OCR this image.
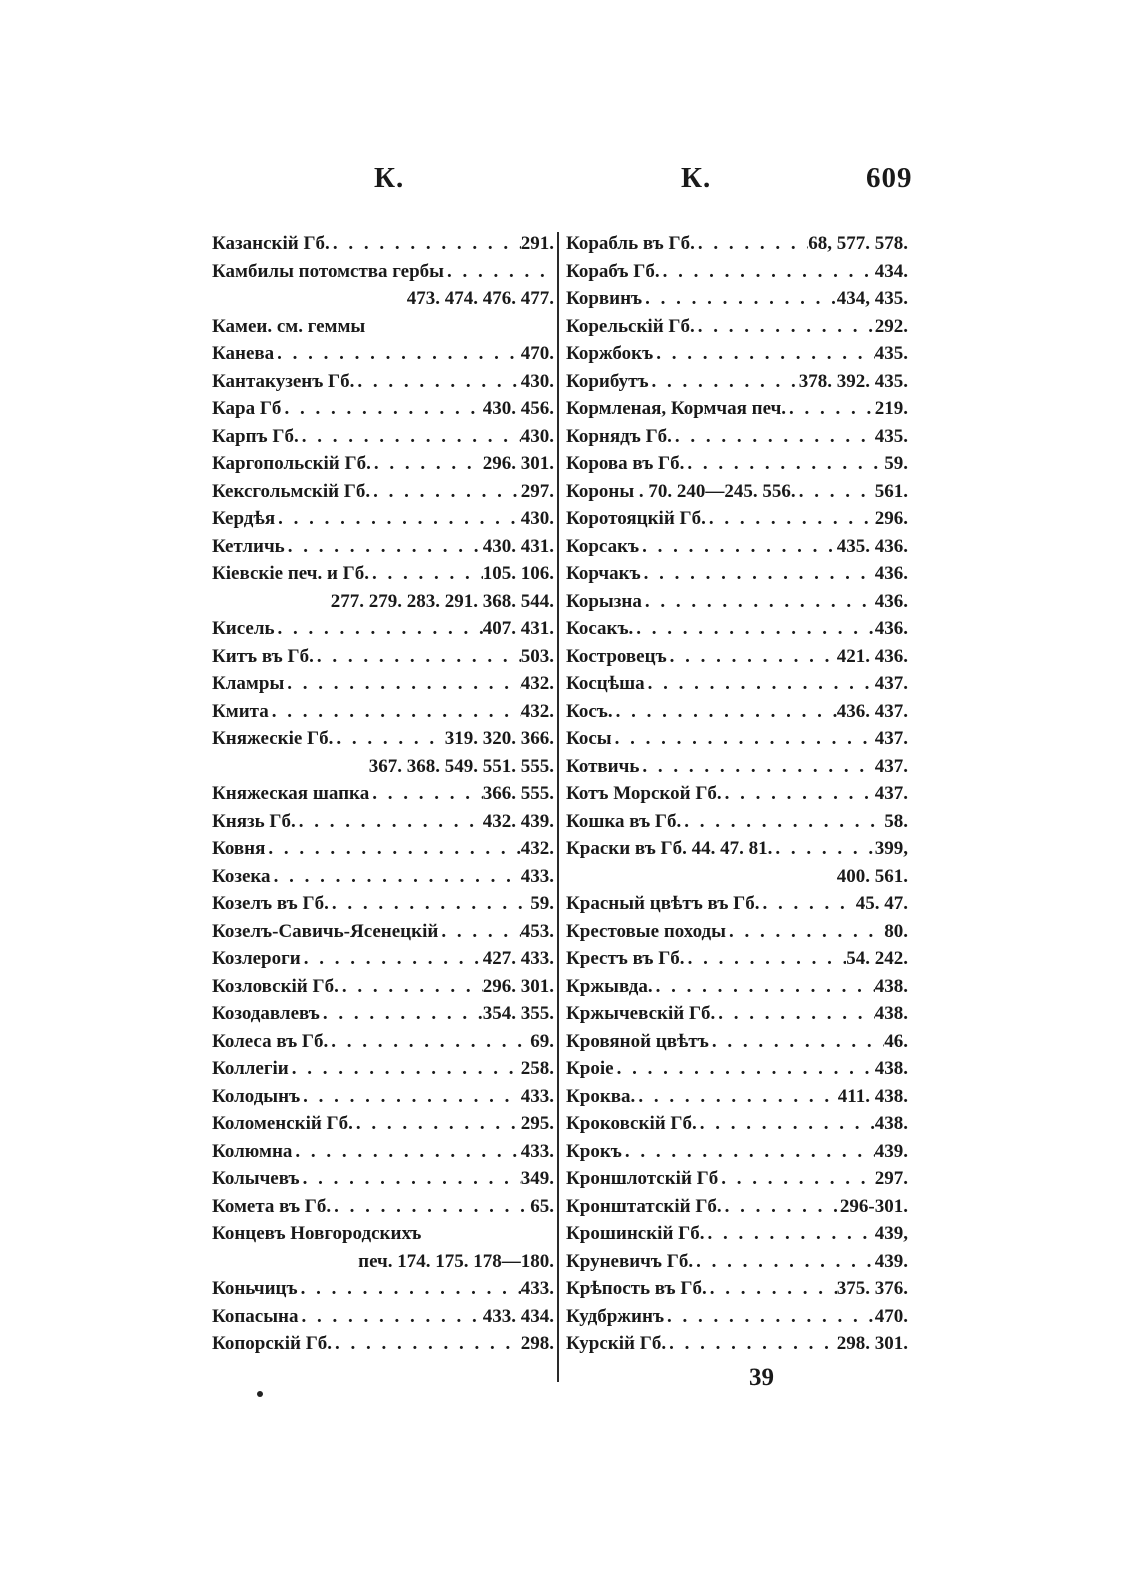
К.	К.	609
Казанскій Гб. . . .	291.
Камбилы потомства гербы
. . .
473. 474. 476. 477.
Камеи. см. геммы
Канева . . .	470.
Кантакузенъ Гб. . . .	430.
Кара Гб . . .	430. 456.
Карпъ Гб. . . .	430.
Каргопольскій Гб. . . .	296. 301.
Кексгольмскій Гб. . . .	297.
Кердѣя . . .	430.
Кетличь . . .	430. 431.
Кіевскіе печ. и Гб. . . .	105. 106.
277. 279. 283. 291. 368. 544.
Кисель . . .	407. 431.
Китъ въ Гб. . . .	503.
Кламры . . .	432.
Кмита . . .	432.
Княжескіе Гб. . . .	319. 320. 366.
367. 368. 549. 551. 555.
Княжеская шапка . . .	366. 555.
Князь Гб. . . .	432. 439.
Ковня . . .	432.
Козека . . .	433.
Козелъ въ Гб. . . .	59.
Козелъ-Савичь-Ясенецкій . . .	453.
Козлероги . . .	427. 433.
Козловскій Гб. . . .	296. 301.
Козодавлевъ . . .	354. 355.
Колеса въ Гб. . . .	69.
Коллегіи . . .	258.
Колодынъ . . .	433.
Коломенскій Гб. . . .	295.
Колюмна . . .	433.
Колычевъ . . .	349.
Комета въ Гб. . . .	65.
Концевъ Новгородскихъ
печ. 174. 175. 178—180.
Коньчицъ . . .	433.
Копасына . . .	433. 434.
Копорскій Гб. . . .	298.
Корабль въ Гб. . . .	68, 577. 578.
Корабъ Гб. . . .	434.
Корвинъ . . .	434, 435.
Корельскій Гб. . . .	292.
Коржбокъ . . .	435.
Корибутъ . . .	378. 392. 435.
Кормленая, Кормчая печ. . . .	219.
Корнядъ Гб. . . .	435.
Корова въ Гб. . . .	59.
Короны . 70. 240—245. 556. . . .	561.
Коротояцкій Гб. . . .	296.
Корсакъ . . .	435. 436.
Корчакъ . . .	436.
Корызна . . .	436.
Косакъ. . . .	436.
Костровецъ . . .	421. 436.
Косцѣша . . .	437.
Косъ. . . .	436. 437.
Косы . . .	437.
Котвичь . . .	437.
Котъ Морской Гб. . . .	437.
Кошка въ Гб. . . .	58.
Краски въ Гб. 44. 47. 81. . . .	399,
400. 561.
Красный цвѣтъ въ Гб. . . .	45. 47.
Крестовые походы . . .	80.
Крестъ въ Гб. . . .	54. 242.
Кржывда. . . .	438.
Кржычевскій Гб. . . .	438.
Кровяной цвѣтъ . . .	46.
Кроіе . . .	438.
Кроква. . . .	411. 438.
Кроковскій Гб. . . .	438.
Крокъ . . .	439.
Кроншлотскій Гб . . .	297.
Кронштатскій Гб. . . .	296-301.
Крошинскій Гб. . . .	439,
Круневичъ Гб. . . .	439.
Крѣпость въ Гб. . . .	375. 376.
Кудбржинъ . . .	470.
Курскій Гб. . . .	298. 301.
39
